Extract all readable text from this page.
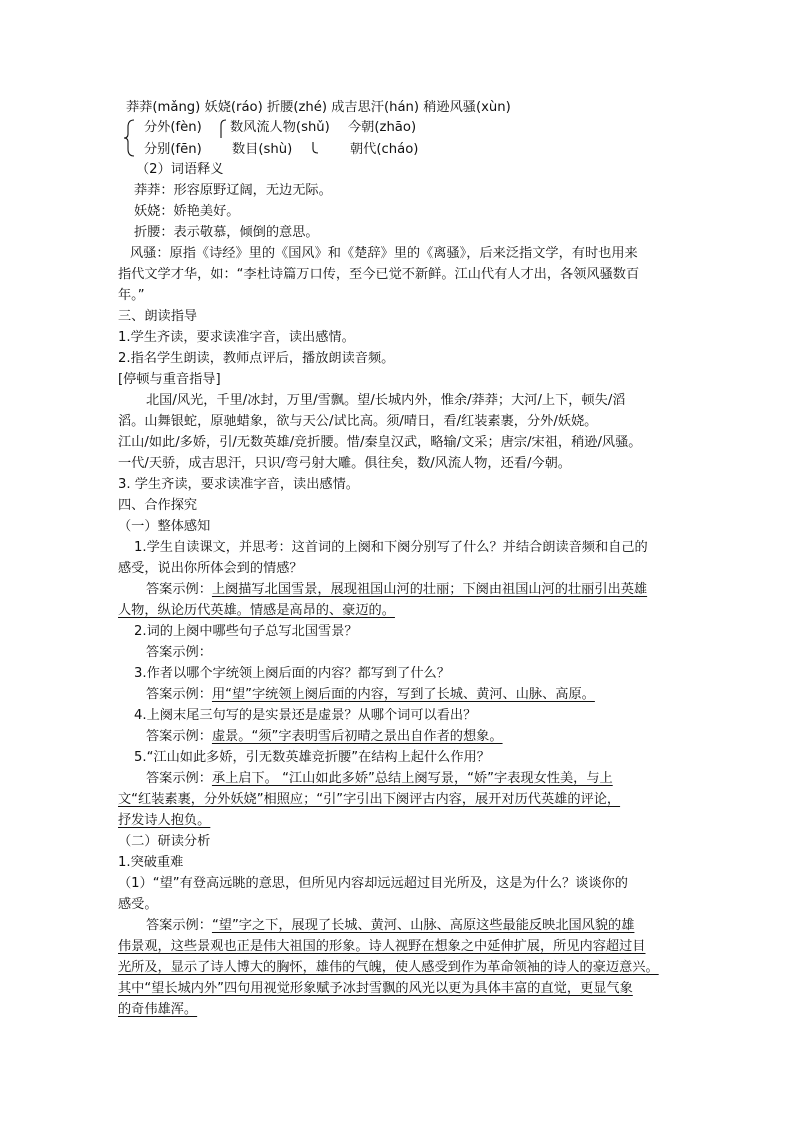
莽莽(mǎng) 妖娆(ráo) 折腰(zhé) 成吉思汗(hán) 稍逊风骚(xùn)
分外(fèn) 数风流人物(shǔ) 今朝(zhāo)
分别(fēn) 数目(shù)	朝代(cháo)
（2）词语释义
莽莽：形容原野辽阔，无边无际。
妖娆：娇艳美好。
折腰：表示敬慕，倾倒的意思。
风骚：原指《诗经》里的《国风》和《楚辞》里的《离骚》，后来泛指文学，有时也用来
指代文学才华，如：“李杜诗篇万口传，至今已觉不新鲜。江山代有人才出，各领风骚数百
年。”
三、朗读指导
1.学生齐读，要求读准字音，读出感情。
2.指名学生朗读，教师点评后，播放朗读音频。
[停顿与重音指导]
北国/风光，千里/冰封，万里/雪飘。望/长城内外，惟余/莽莽；大河/上下，顿失/滔
滔。山舞银蛇，原驰蜡象，欲与天公/试比高。须/晴日，看/红装素裹，分外/妖娆。
江山/如此/多娇，引/无数英雄/竞折腰。惜/秦皇汉武，略输/文采；唐宗/宋祖，稍逊/风骚。
一代/天骄，成吉思汗，只识/弯弓射大雕。俱往矣，数/风流人物，还看/今朝。
3. 学生齐读，要求读准字音，读出感情。
四、合作探究
（一）整体感知
1.学生自读课文，并思考：这首词的上阕和下阕分别写了什么？并结合朗读音频和自己的
感受，说出你所体会到的情感？
答案示例：上阕描写北国雪景，展现祖国山河的壮丽；下阕由祖国山河的壮丽引出英雄
人物，纵论历代英雄。情感是高昂的、豪迈的。
2.词的上阕中哪些句子总写北国雪景？
答案示例：
3.作者以哪个字统领上阕后面的内容？都写到了什么？
答案示例：用“望”字统领上阕后面的内容，写到了长城、黄河、山脉、高原。
4.上阕末尾三句写的是实景还是虚景？从哪个词可以看出？
答案示例：虚景。“须”字表明雪后初晴之景出自作者的想象。
5.“江山如此多娇，引无数英雄竞折腰”在结构上起什么作用？
答案示例：承上启下。 “江山如此多娇”总结上阕写景，“娇”字表现女性美，与上
文“红装素裹，分外妖娆”相照应；“引”字引出下阕评古内容，展开对历代英雄的评论，
抒发诗人抱负。
（二）研读分析
1.突破重难
（1）“望”有登高远眺的意思，但所见内容却远远超过目光所及，这是为什么？谈谈你的
感受。
答案示例：“望”字之下，展现了长城、黄河、山脉、高原这些最能反映北国风貌的雄
伟景观，这些景观也正是伟大祖国的形象。诗人视野在想象之中延伸扩展，所见内容超过目
光所及，显示了诗人博大的胸怀，雄伟的气魄，使人感受到作为革命领袖的诗人的豪迈意兴。
其中“望长城内外”四句用视觉形象赋予冰封雪飘的风光以更为具体丰富的直觉，更显气象
的奇伟雄浑。
